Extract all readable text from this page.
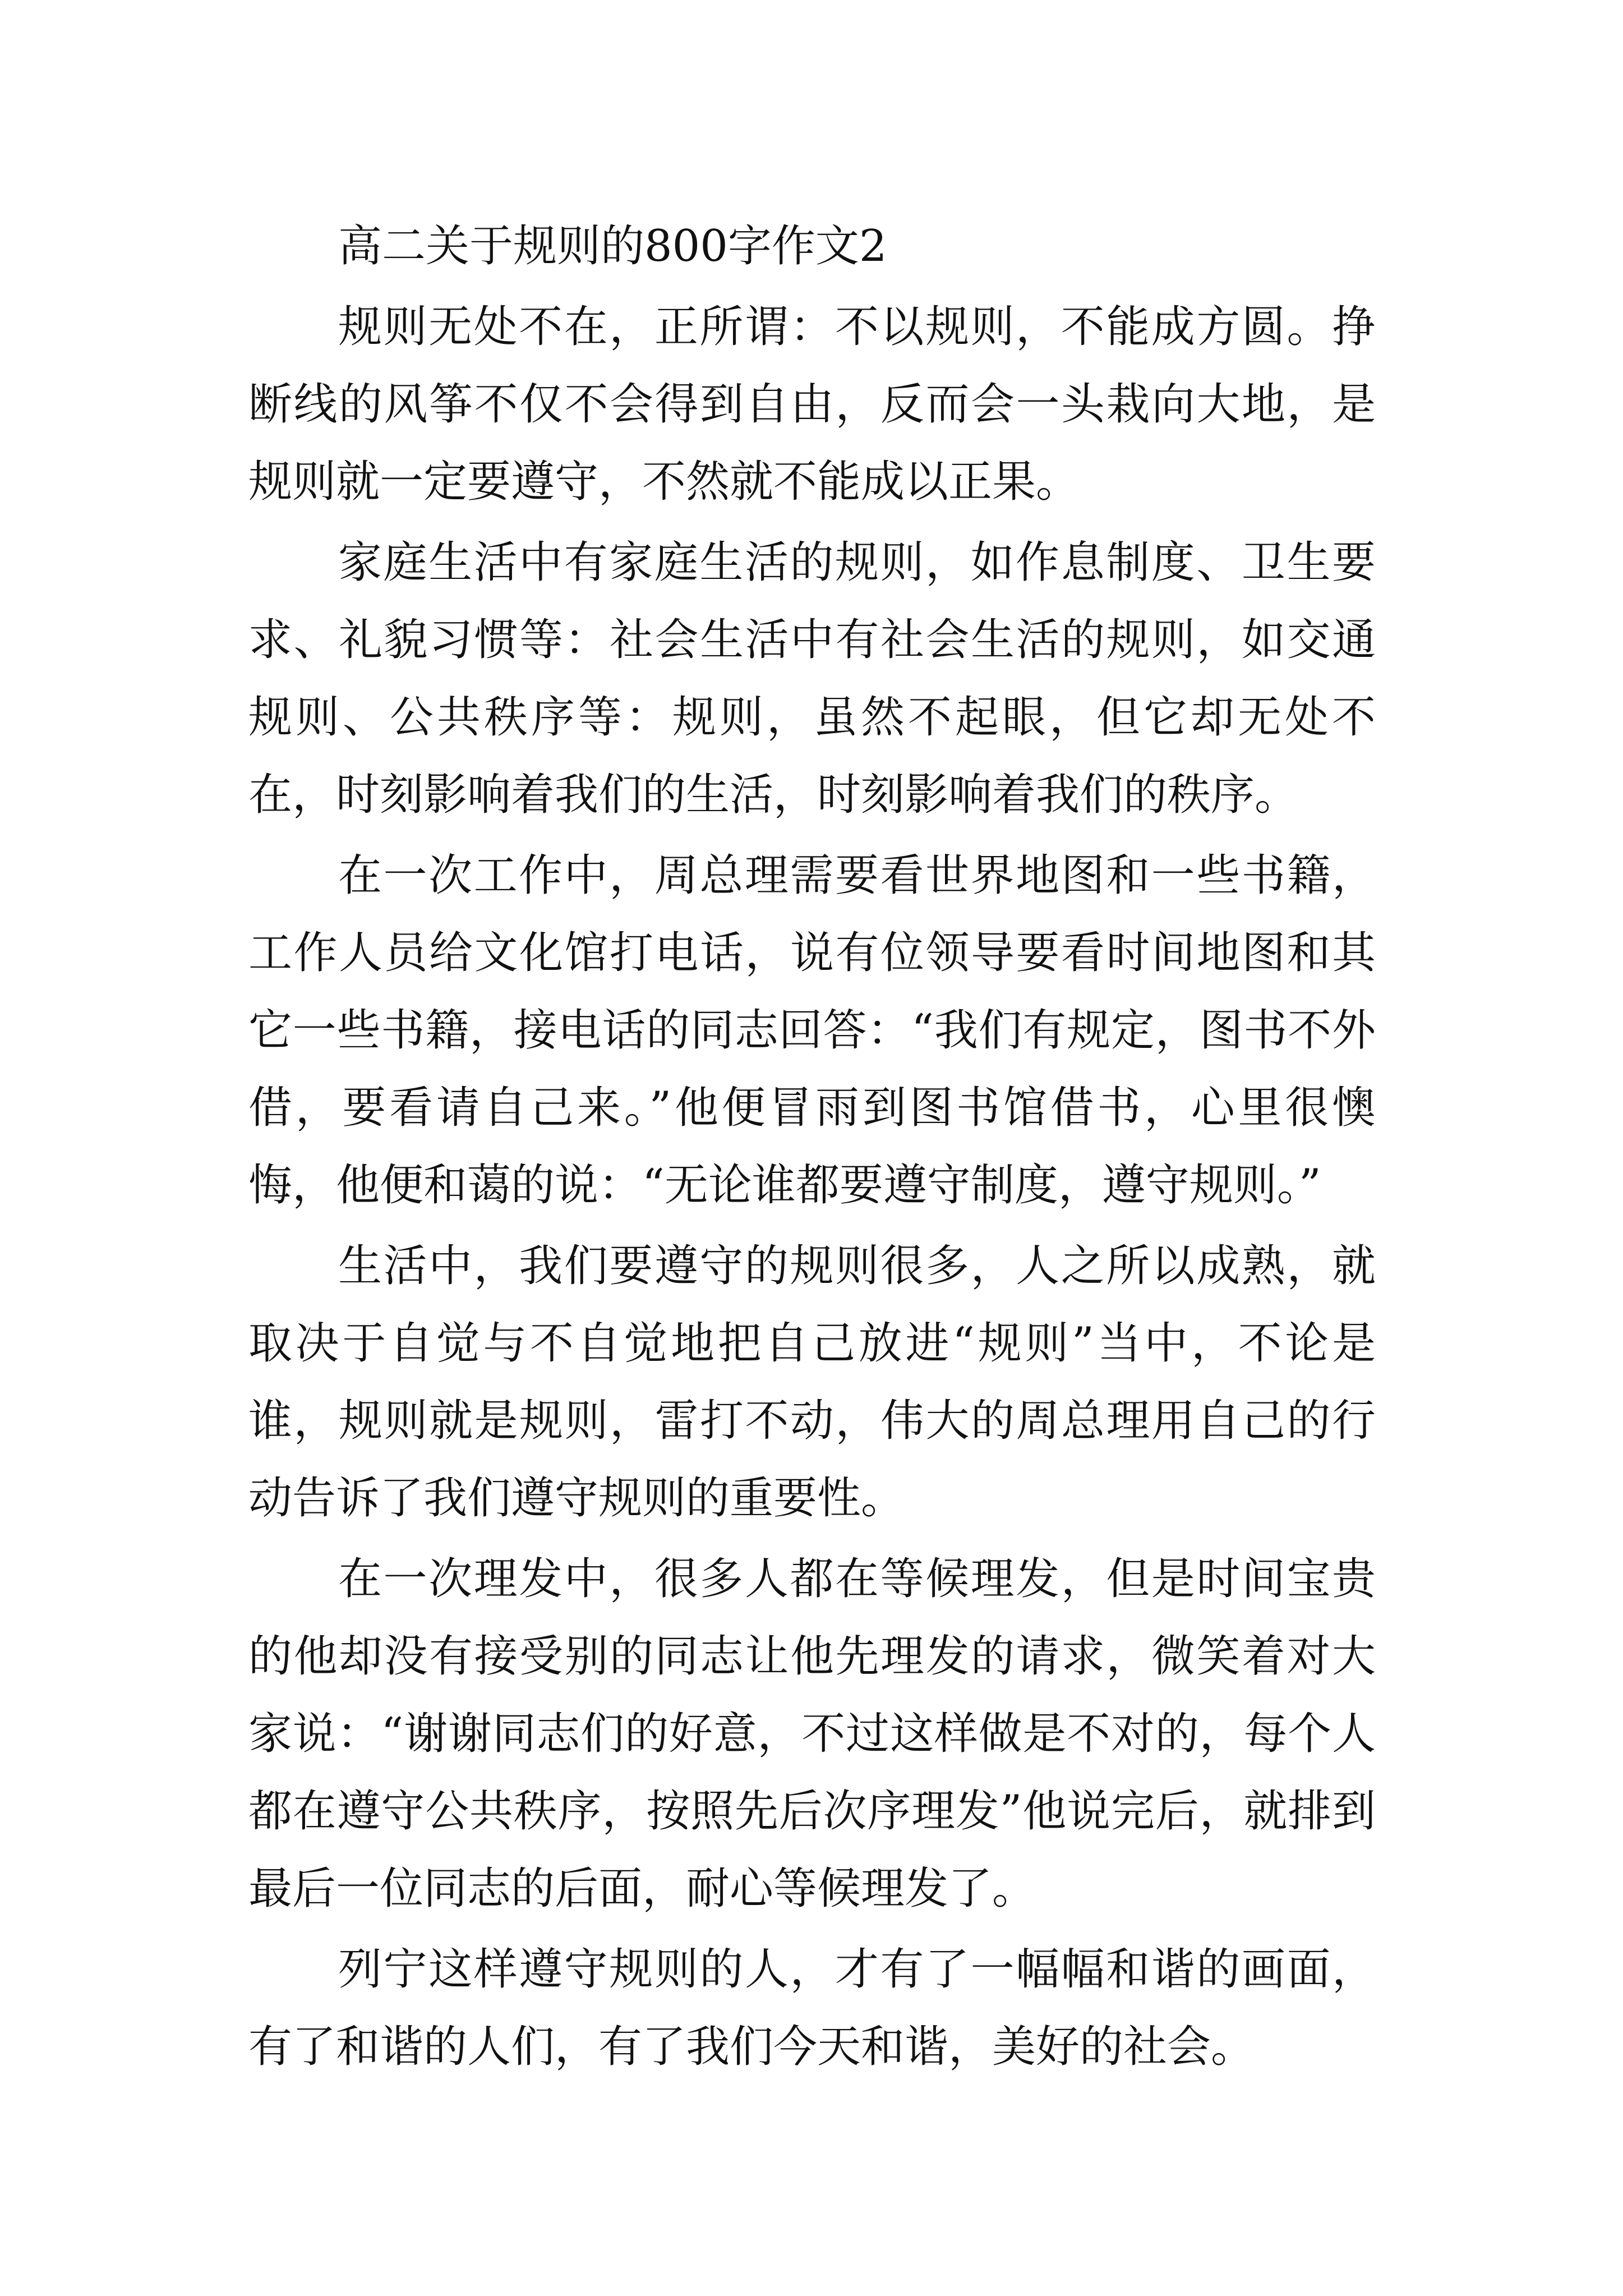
高二关于规则的800字作文2

规则无处不在，正所谓：不以规则，不能成方圆。挣断线的风筝不仅不会得到自由，反而会一头栽向大地，是规则就一定要遵守，不然就不能成以正果。

家庭生活中有家庭生活的规则，如作息制度、卫生要求、礼貌习惯等：社会生活中有社会生活的规则，如交通规则、公共秩序等：规则，虽然不起眼，但它却无处不在，时刻影响着我们的生活，时刻影响着我们的秩序。

在一次工作中，周总理需要看世界地图和一些书籍，工作人员给文化馆打电话，说有位领导要看时间地图和其它一些书籍，接电话的同志回答：“我们有规定，图书不外借，要看请自己来。”他便冒雨到图书馆借书，心里很懊悔，他便和蔼的说：“无论谁都要遵守制度，遵守规则。”

生活中，我们要遵守的规则很多，人之所以成熟，就取决于自觉与不自觉地把自己放进“规则”当中，不论是谁，规则就是规则，雷打不动，伟大的周总理用自己的行动告诉了我们遵守规则的重要性。

在一次理发中，很多人都在等候理发，但是时间宝贵的他却没有接受别的同志让他先理发的请求，微笑着对大家说：“谢谢同志们的好意，不过这样做是不对的，每个人都在遵守公共秩序，按照先后次序理发”他说完后，就排到最后一位同志的后面，耐心等候理发了。

列宁这样遵守规则的人，才有了一幅幅和谐的画面，有了和谐的人们，有了我们今天和谐，美好的社会。
